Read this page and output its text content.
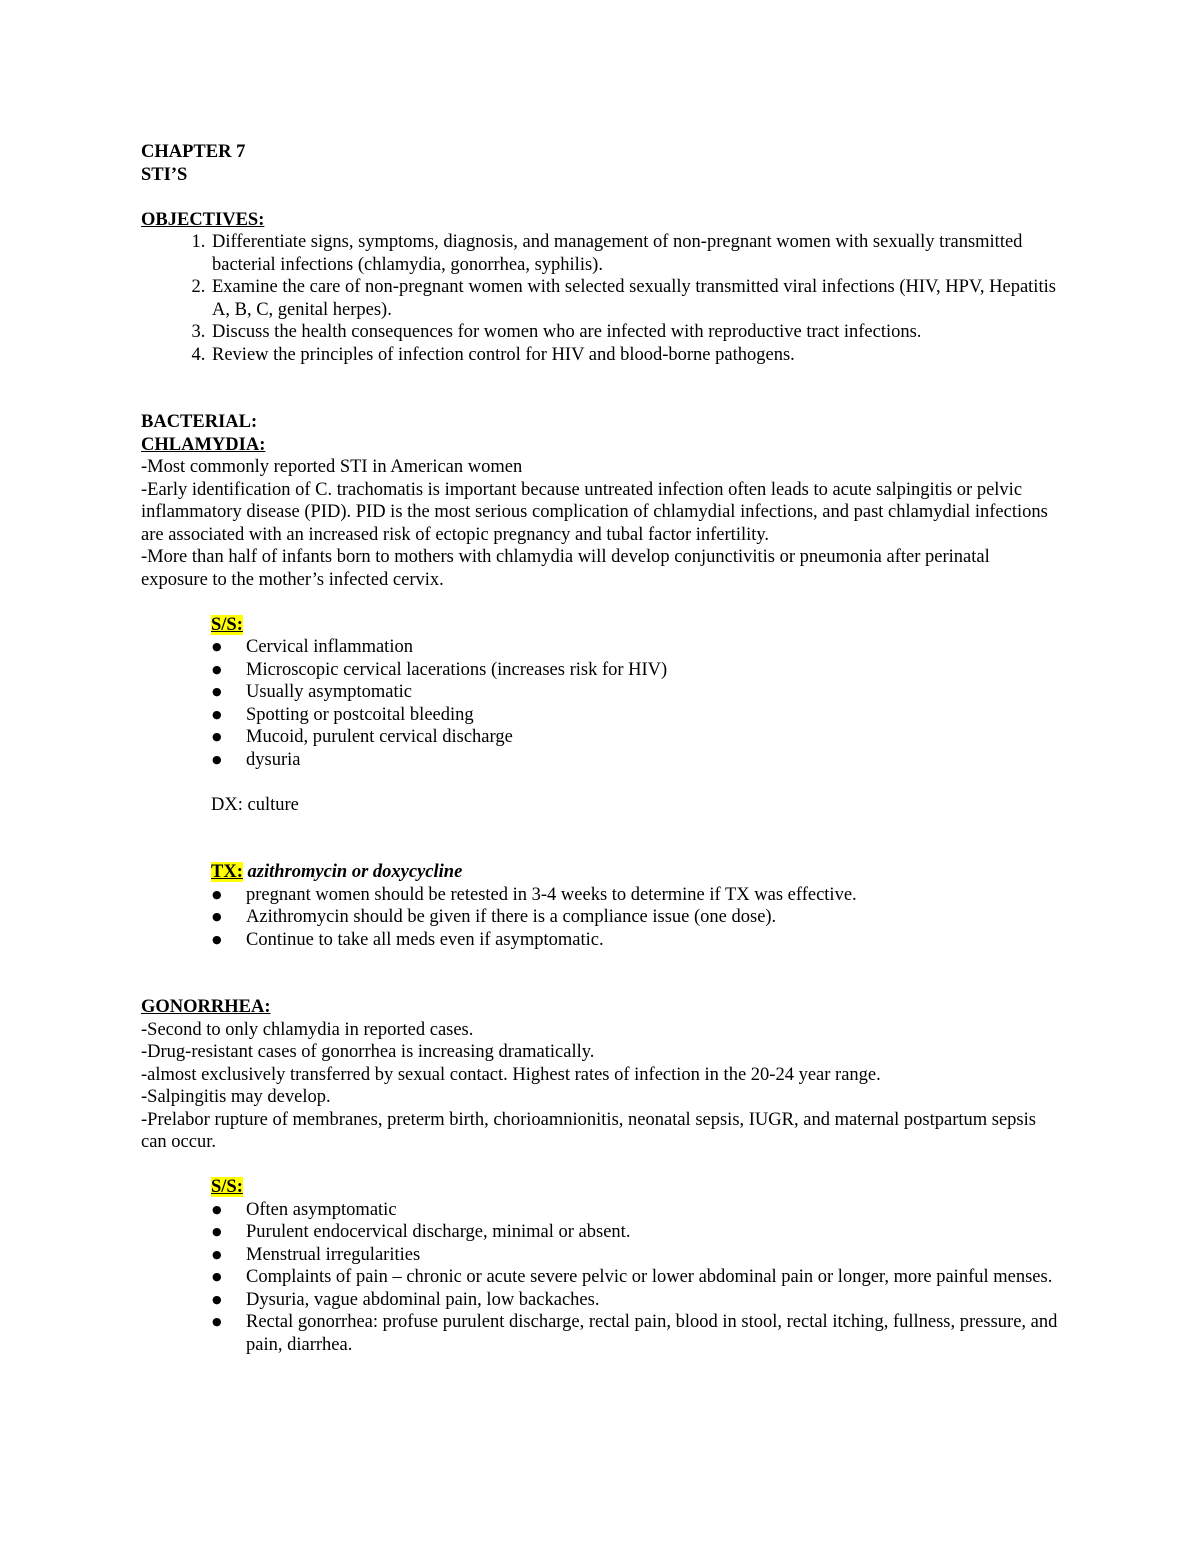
CHAPTER 7
STI’S
OBJECTIVES:
1. Differentiate signs, symptoms, diagnosis, and management of non-pregnant women with sexually transmitted bacterial infections (chlamydia, gonorrhea, syphilis).
2. Examine the care of non-pregnant women with selected sexually transmitted viral infections (HIV, HPV, Hepatitis A, B, C, genital herpes).
3. Discuss the health consequences for women who are infected with reproductive tract infections.
4. Review the principles of infection control for HIV and blood-borne pathogens.
BACTERIAL:
CHLAMYDIA:

-Most commonly reported STI in American women

-Early identification of C. trachomatis is important because untreated infection often leads to acute salpingitis or pelvic inflammatory disease (PID). PID is the most serious complication of chlamydial infections, and past chlamydial infections are associated with an increased risk of ectopic pregnancy and tubal factor infertility.

-More than half of infants born to mothers with chlamydia will develop conjunctivitis or pneumonia after perinatal exposure to the mother’s infected cervix.

S/S:
● Cervical inflammation
● Microscopic cervical lacerations (increases risk for HIV)
● Usually asymptomatic
● Spotting or postcoital bleeding
● Mucoid, purulent cervical discharge
● dysuria
DX: culture
TX: azithromycin or doxycycline
● pregnant women should be retested in 3-4 weeks to determine if TX was effective.
● Azithromycin should be given if there is a compliance issue (one dose).
● Continue to take all meds even if asymptomatic.
GONORRHEA:

-Second to only chlamydia in reported cases.

-Drug-resistant cases of gonorrhea is increasing dramatically.

-almost exclusively transferred by sexual contact. Highest rates of infection in the 20-24 year range.

-Salpingitis may develop.

-Prelabor rupture of membranes, preterm birth, chorioamnionitis, neonatal sepsis, IUGR, and maternal postpartum sepsis can occur.

S/S:
● Often asymptomatic
● Purulent endocervical discharge, minimal or absent.
● Menstrual irregularities
● Complaints of pain – chronic or acute severe pelvic or lower abdominal pain or longer, more painful menses.
● Dysuria, vague abdominal pain, low backaches.
● Rectal gonorrhea: profuse purulent discharge, rectal pain, blood in stool, rectal itching, fullness, pressure, and pain, diarrhea.
